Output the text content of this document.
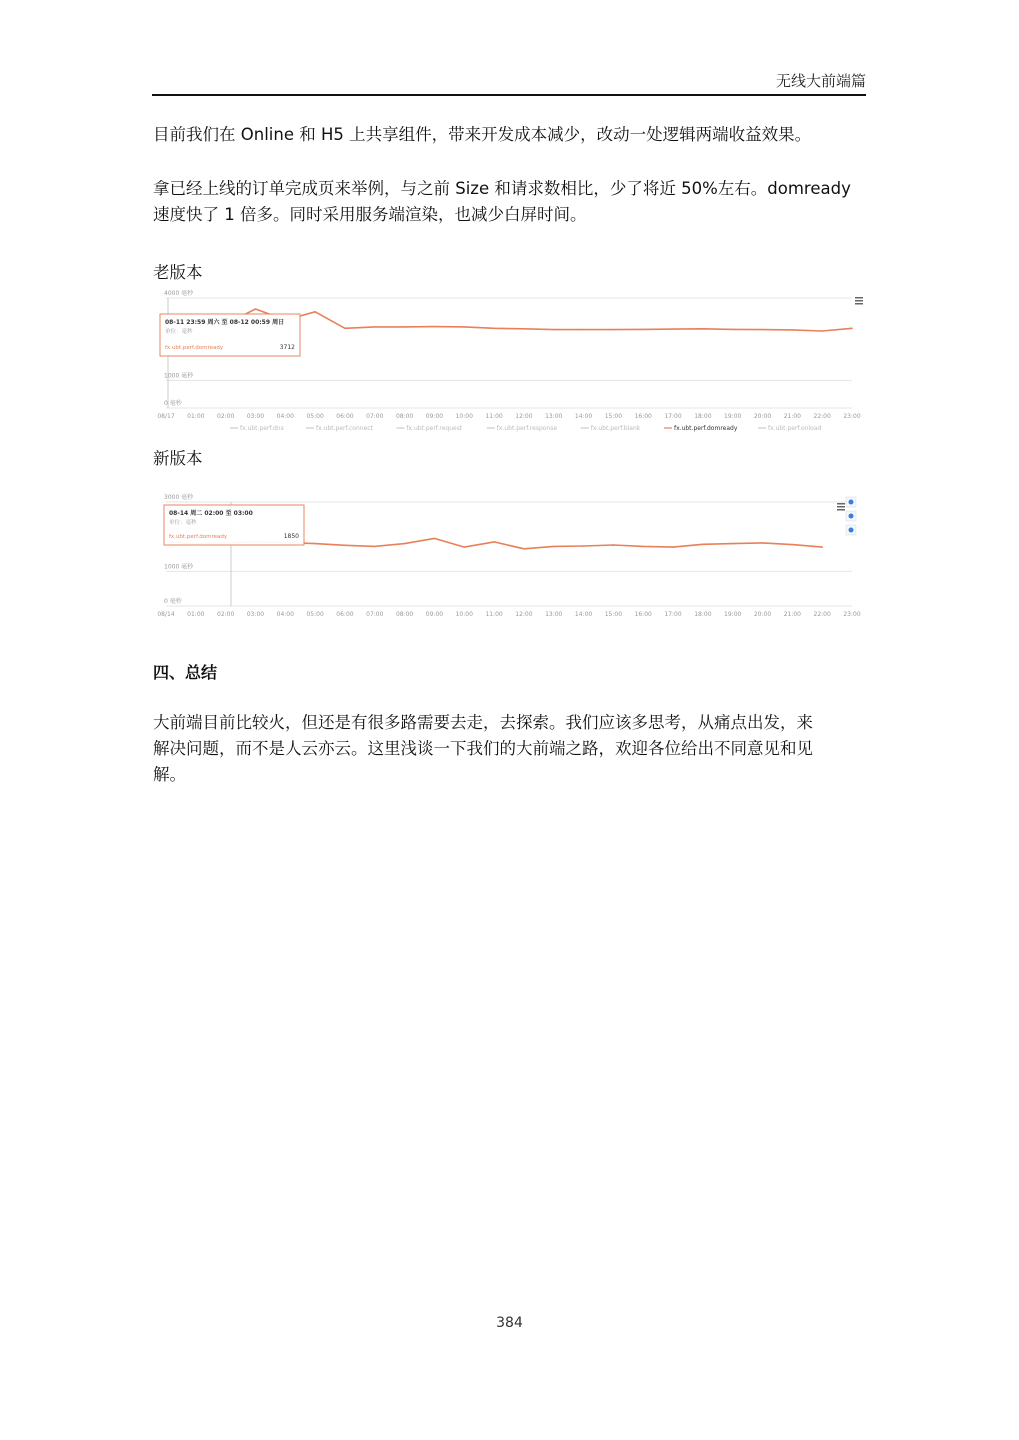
无线大前端篇
目前我们在 Online 和 H5 上共享组件，带来开发成本减少，改动一处逻辑两端收益效果。
拿已经上线的订单完成页来举例，与之前 Size 和请求数相比，少了将近 50%左右。domready
速度快了 1 倍多。同时采用服务端渲染，也减少白屏时间。
老版本
4000 毫秒
1000 毫秒
0 毫秒
08/17 01:00 02:00 03:00 04:00 05:00 06:00 07:00 08:00 09:00 10:00 11:00 12:00 13:00 14:00 15:00 16:00 17:00 18:00 19:00 20:00 21:00 22:00 23:00
08-11 23:59 周六 至 08-12 00:59 周日
单位：毫秒
fx.ubt.perf.domready	3712
fx.ubt.perf.dns	fx.ubt.perf.connect	fx.ubt.perf.request	fx.ubt.perf.response	fx.ubt.perf.blank	fx.ubt.perf.domready	fx.ubt.perf.onload
新版本
3000 毫秒
1000 毫秒
0 毫秒
08/14 01:00 02:00 03:00 04:00 05:00 06:00 07:00 08:00 09:00 10:00 11:00 12:00 13:00 14:00 15:00 16:00 17:00 18:00 19:00 20:00 21:00 22:00 23:00
08-14 周二 02:00 至 03:00
单位：毫秒
fx.ubt.perf.domready	1850
四、总结
大前端目前比较火，但还是有很多路需要去走，去探索。我们应该多思考，从痛点出发，来
解决问题，而不是人云亦云。这里浅谈一下我们的大前端之路，欢迎各位给出不同意见和见
解。
384
